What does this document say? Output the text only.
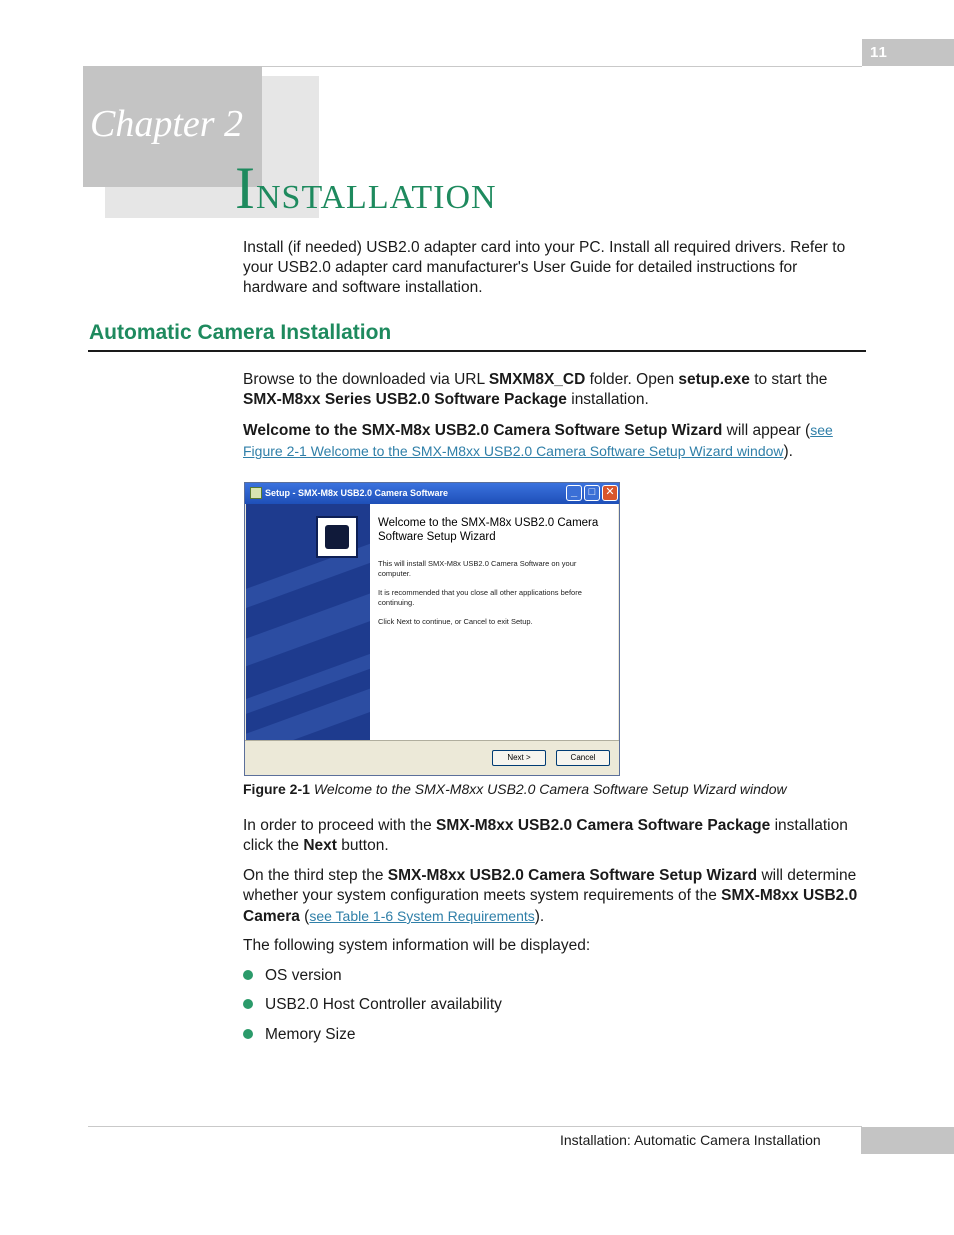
11
Chapter 2
Installation
Install (if needed) USB2.0 adapter card into your PC. Install all required drivers. Refer to your USB2.0 adapter card manufacturer's User Guide for detailed instructions for hardware and software installation.
Automatic Camera Installation
Browse to the downloaded via URL SMXM8X_CD folder. Open setup.exe to start the SMX-M8xx Series USB2.0 Software Package installation.
Welcome to the SMX-M8x USB2.0 Camera Software Setup Wizard will appear (see Figure 2-1 Welcome to the SMX-M8xx USB2.0 Camera Software Setup Wizard window).
Setup - SMX-M8x USB2.0 Camera Software	_	□ ✕
Welcome to the SMX-M8x USB2.0 Camera Software Setup Wizard
This will install SMX-M8x USB2.0 Camera Software on your computer.
It is recommended that you close all other applications before continuing.
Click Next to continue, or Cancel to exit Setup.
Next >	Cancel
Figure 2-1 Welcome to the SMX-M8xx USB2.0 Camera Software Setup Wizard window
In order to proceed with the SMX-M8xx USB2.0 Camera Software Package installation click the Next button.
On the third step the SMX-M8xx USB2.0 Camera Software Setup Wizard will determine whether your system configuration meets system requirements of the SMX-M8xx USB2.0 Camera (see Table 1-6 System Requirements).
The following system information will be displayed:
OS version
USB2.0 Host Controller availability
Memory Size
Installation: Automatic Camera Installation
